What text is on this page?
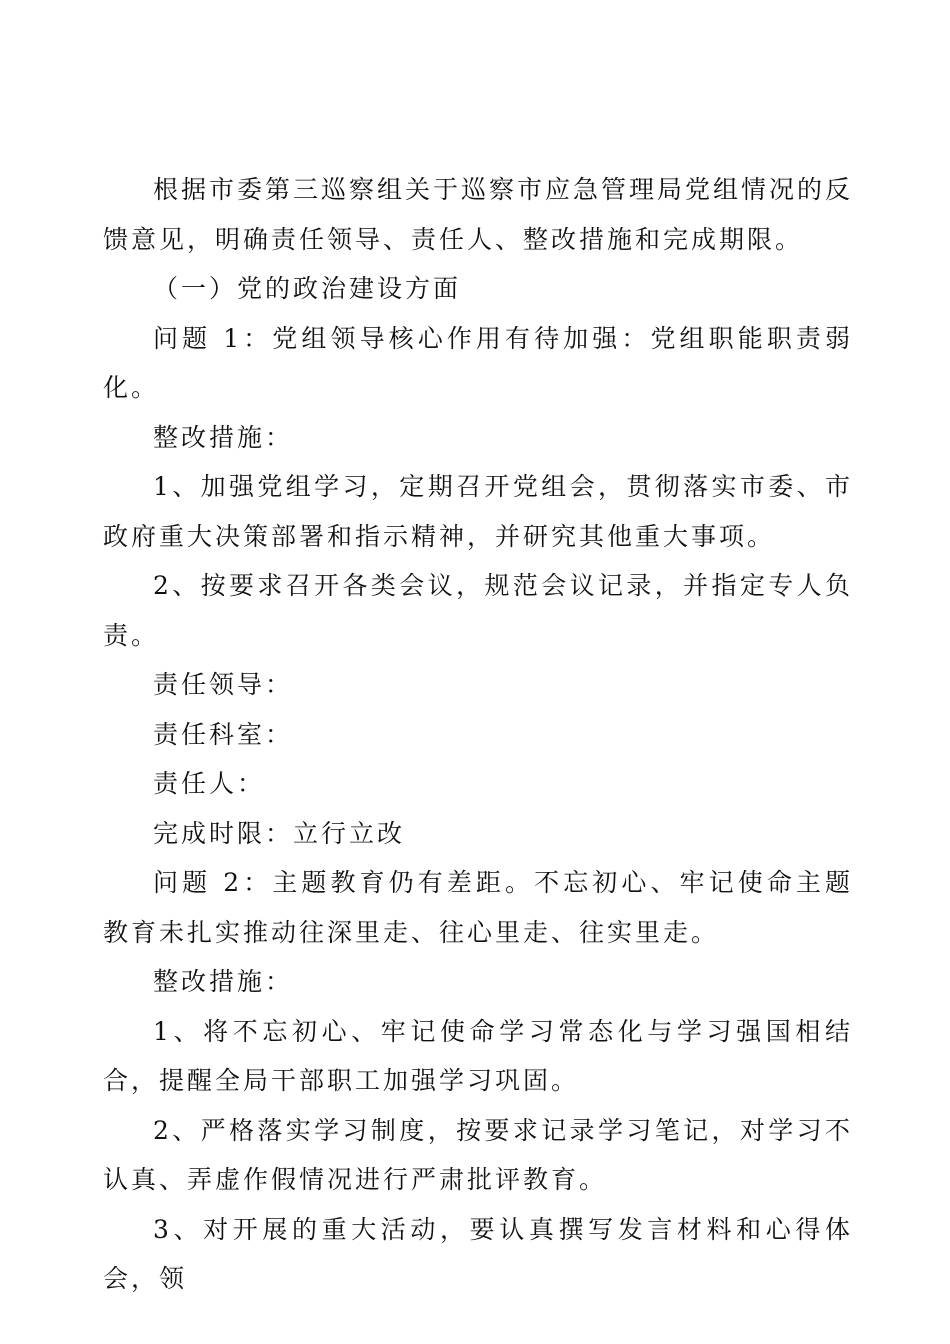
根据市委第三巡察组关于巡察市应急管理局党组情况的反馈意见，明确责任领导、责任人、整改措施和完成期限。

（一）党的政治建设方面

问题 1：党组领导核心作用有待加强：党组职能职责弱化。

整改措施：

1、加强党组学习，定期召开党组会，贯彻落实市委、市政府重大决策部署和指示精神，并研究其他重大事项。

2、按要求召开各类会议，规范会议记录，并指定专人负责。

责任领导：

责任科室：

责任人：

完成时限：立行立改

问题 2：主题教育仍有差距。不忘初心、牢记使命主题教育未扎实推动往深里走、往心里走、往实里走。

整改措施：

1、将不忘初心、牢记使命学习常态化与学习强国相结合，提醒全局干部职工加强学习巩固。

2、严格落实学习制度，按要求记录学习笔记，对学习不认真、弄虚作假情况进行严肃批评教育。

3、对开展的重大活动，要认真撰写发言材料和心得体会，领
